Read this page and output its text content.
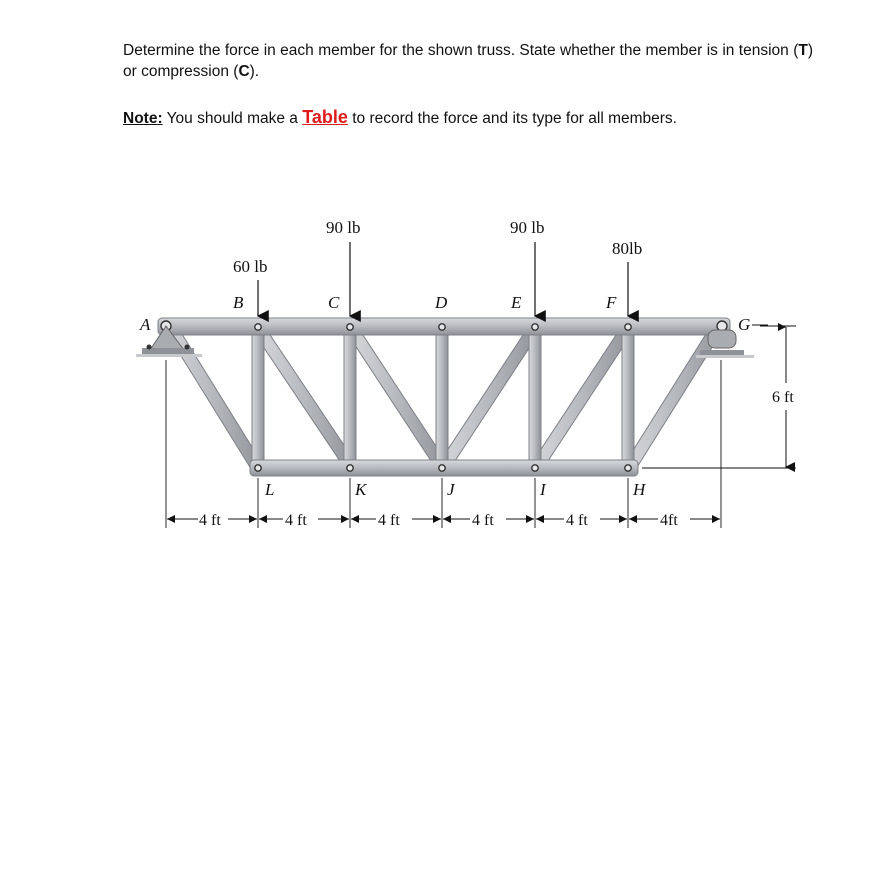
Determine the force in each member for the shown truss. State whether the member is in tension (T) or compression (C).

Note: You should make a Table to record the force and its type for all members.

60 lb
90 lb	90 lb
80lb
A
B	C	D	E	F
G
L	K	J	I	H
4 ft	4 ft	4 ft	4 ft	4 ft	4ft
6 ft
